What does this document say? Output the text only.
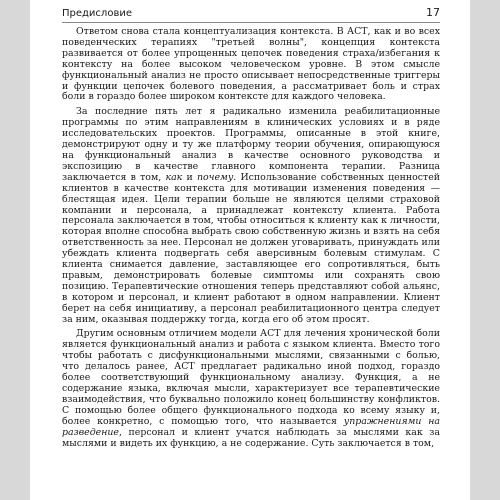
Предисловие	17

Ответом снова стала концептуализация контекста. В АСТ, как и во всех поведенческих терапиях "третьей волны", концепция контекста развивается от более упрощенных цепочек поведения страха/избегания к контексту на более высоком человеческом уровне. В этом смысле функциональный анализ не просто описывает непосредственные триггеры и функции цепочек болевого поведения, а рассматривает боль и страх боли в гораздо более широком контексте для каждого человека.

За последние пять лет я радикально изменила реабилитационные программы по этим направлениям в клинических условиях и в ряде исследовательских проектов. Программы, описанные в этой книге, демонстрируют одну и ту же платформу теории обучения, опирающуюся на функциональный анализ в качестве основного руководства и экспозицию в качестве главного компонента терапии. Разница заключается в том, как и почему. Использование собственных ценностей клиентов в качестве контекста для мотивации изменения поведения — блестящая идея. Цели терапии больше не являются целями страховой компании и персонала, а принадлежат контексту клиента. Работа персонала заключается в том, чтобы относиться к клиенту как к личности, которая вполне способна выбрать свою собственную жизнь и взять на себя ответственность за нее. Персонал не должен уговаривать, принуждать или убеждать клиента подвергать себя аверсивным болевым стимулам. С клиента снимается давление, заставляющее его сопротивляться, быть правым, демонстрировать болевые симптомы или сохранять свою позицию. Терапевтические отношения теперь представляют собой альянс, в котором и персонал, и клиент работают в одном направлении. Клиент берет на себя инициативу, а персонал реабилитационного центра следует за ним, оказывая поддержку тогда, когда его об этом просят.

Другим основным отличием модели АСТ для лечения хронической боли является функциональный анализ и работа с языком клиента. Вместо того чтобы работать с дисфункциональными мыслями, связанными с болью, что делалось ранее, АСТ предлагает радикально иной подход, гораздо более соответствующий функциональному анализу. Функция, а не содержание языка, включая мысли, характеризует все терапевтические взаимодействия, что буквально положило конец большинству конфликтов. С помощью более общего функционального подхода ко всему языку и, более конкретно, с помощью того, что называется упражнениями на разведение, персонал и клиент учатся наблюдать за мыслями как за мыслями и видеть их функцию, а не содержание. Суть заключается в том,
